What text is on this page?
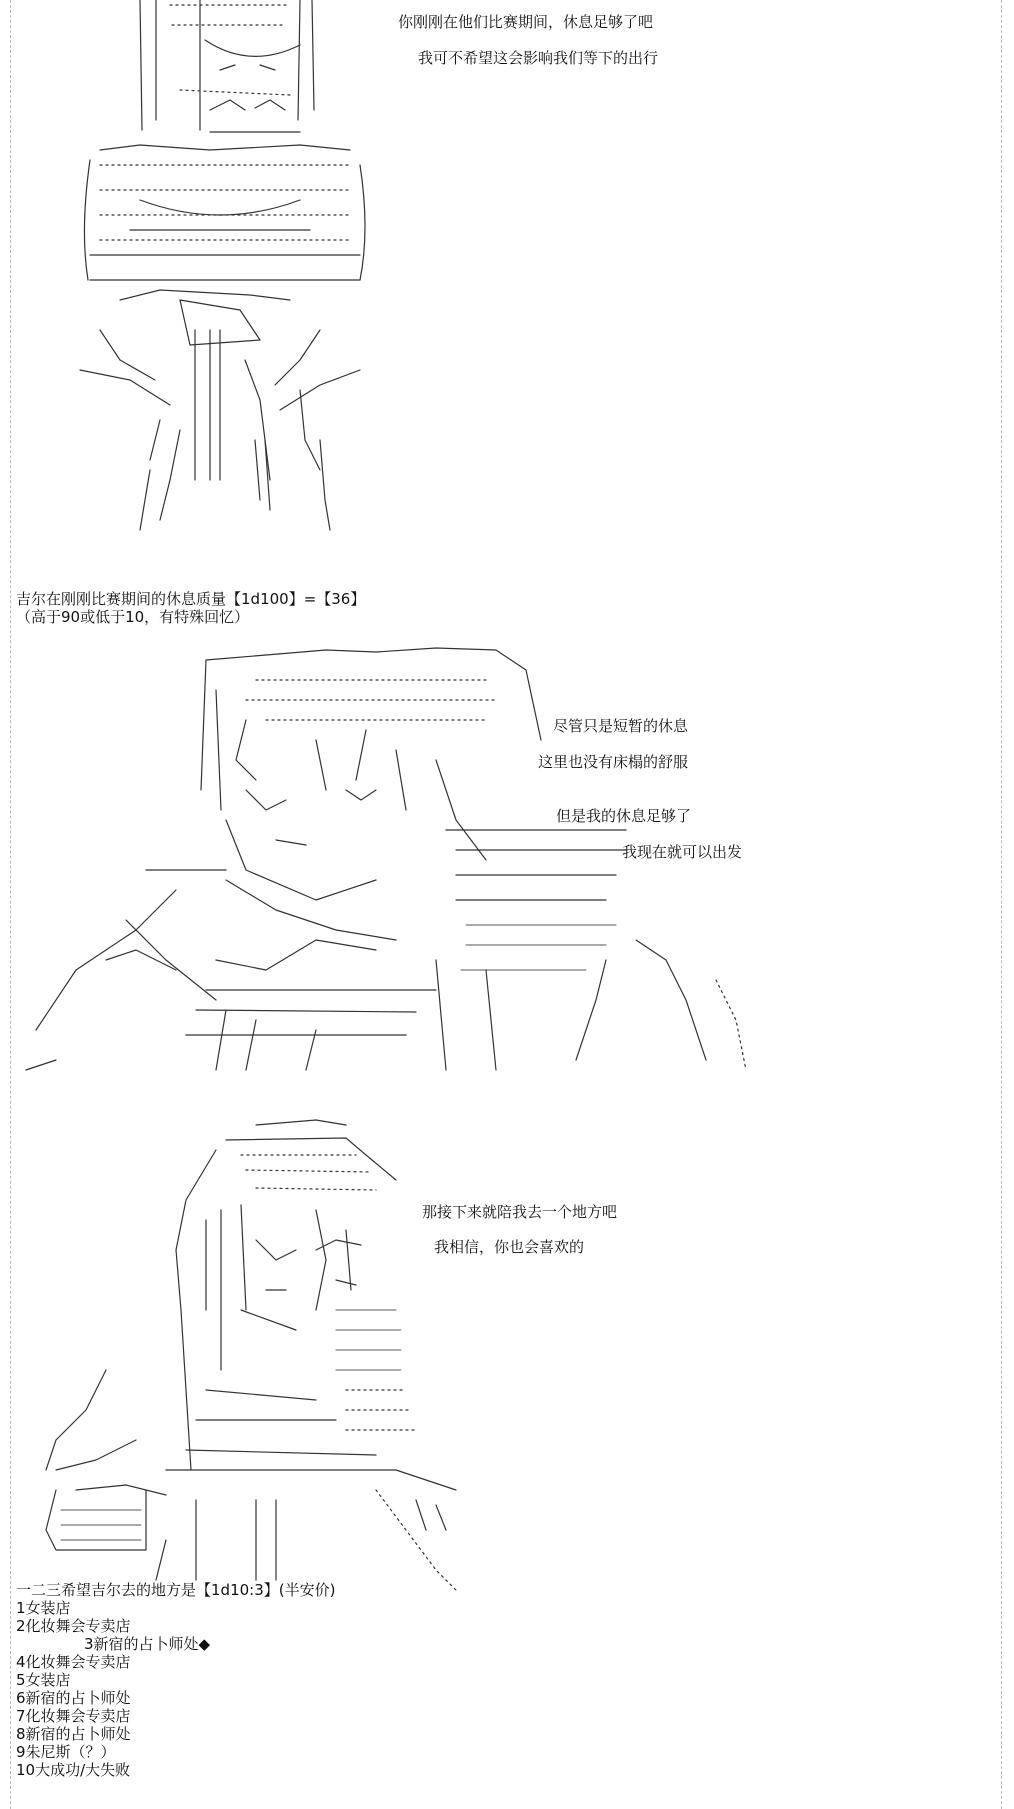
你刚刚在他们比赛期间，休息足够了吧
我可不希望这会影响我们等下的出行
吉尔在刚刚比赛期间的休息质量【1d100】=【36】
（高于90或低于10，有特殊回忆）
尽管只是短暂的休息
这里也没有床榻的舒服
但是我的休息足够了
我现在就可以出发
那接下来就陪我去一个地方吧
我相信，你也会喜欢的
一二三希望吉尔去的地方是【1d10:3】(半安价)
1女装店
2化妆舞会专卖店
3新宿的占卜师处◆
4化妆舞会专卖店
5女装店
6新宿的占卜师处
7化妆舞会专卖店
8新宿的占卜师处
9朱尼斯（？）
10大成功/大失败
